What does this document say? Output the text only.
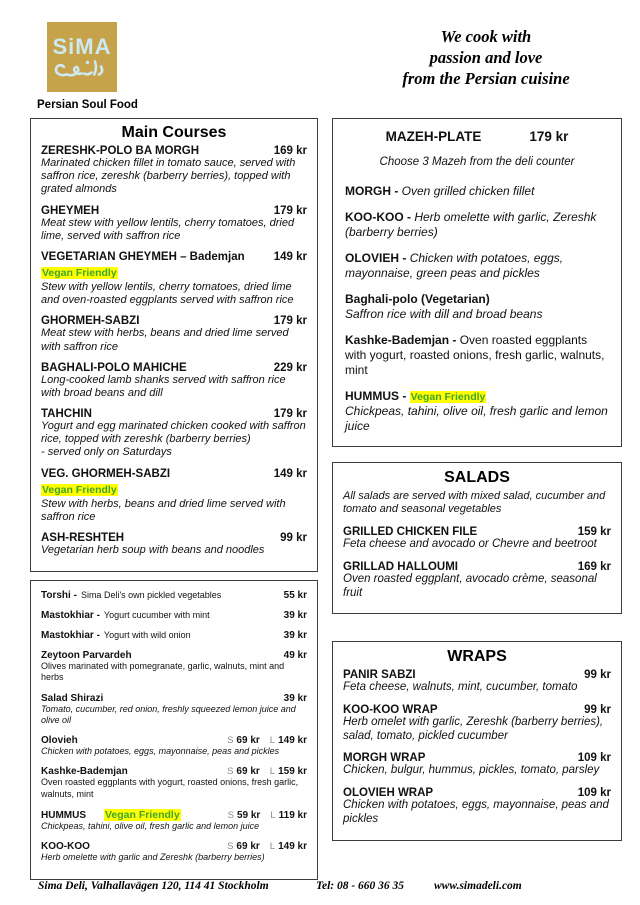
SiMA
Persian Soul Food
We cook with
passion and love
from the Persian cuisine
Main Courses
ZERESHK-POLO BA MORGH	169 kr
Marinated chicken fillet in tomato sauce, served with saffron rice, zereshk (barberry berries), topped with grated almonds
GHEYMEH	179 kr
Meat stew with yellow lentils, cherry tomatoes, dried lime, served with saffron rice
VEGETARIAN GHEYMEH – Bademjan	149 kr
Vegan Friendly
Stew with yellow lentils, cherry tomatoes, dried lime and oven-roasted eggplants served with saffron rice
GHORMEH-SABZI	179 kr
Meat stew with herbs, beans and dried lime served with saffron rice
BAGHALI-POLO MAHICHE	229 kr
Long-cooked lamb shanks served with saffron rice with broad beans and dill
TAHCHIN	179 kr
Yogurt and egg marinated chicken cooked with saffron rice, topped with zereshk (barberry berries)
- served only on Saturdays
VEG. GHORMEH-SABZI	149 kr
Vegan Friendly
Stew with herbs, beans and dried lime served with saffron rice
ASH-RESHTEH	99 kr
Vegetarian herb soup with beans and noodles
Torshi - Sima Deli's own pickled vegetables	55 kr
Mastokhiar - Yogurt cucumber with mint	39 kr
Mastokhiar - Yogurt with wild onion	39 kr
Zeytoon Parvardeh	49 kr
Olives marinated with pomegranate, garlic, walnuts, mint and herbs
Salad Shirazi	39 kr
Tomato, cucumber, red onion, freshly squeezed lemon juice and olive oil
Olovieh	S 69 kr L 149 kr
Chicken with potatoes, eggs, mayonnaise, peas and pickles
Kashke-Bademjan	S 69 kr L 159 kr
Oven roasted eggplants with yogurt, roasted onions, fresh garlic, walnuts, mint
HUMMUS Vegan Friendly	S 59 kr L 119 kr
Chickpeas, tahini, olive oil, fresh garlic and lemon juice
KOO-KOO	S 69 kr L 149 kr
Herb omelette with garlic and Zereshk (barberry berries)
MAZEH-PLATE	179 kr
Choose 3 Mazeh from the deli counter
MORGH - Oven grilled chicken fillet
KOO-KOO - Herb omelette with garlic, Zereshk (barberry berries)
OLOVIEH - Chicken with potatoes, eggs, mayonnaise, green peas and pickles
Baghali-polo (Vegetarian)
Saffron rice with dill and broad beans
Kashke-Bademjan - Oven roasted eggplants with yogurt, roasted onions, fresh garlic, walnuts, mint
HUMMUS - Vegan Friendly
Chickpeas, tahini, olive oil, fresh garlic and lemon juice
SALADS
All salads are served with mixed salad, cucumber and tomato and seasonal vegetables
GRILLED CHICKEN FILE	159 kr
Feta cheese and avocado or Chevre and beetroot
GRILLAD HALLOUMI	169 kr
Oven roasted eggplant, avocado crème, seasonal fruit
WRAPS
PANIR SABZI	99 kr
Feta cheese, walnuts, mint, cucumber, tomato
KOO-KOO WRAP	99 kr
Herb omelet with garlic, Zereshk (barberry berries), salad, tomato, pickled cucumber
MORGH WRAP	109 kr
Chicken, bulgur, hummus, pickles, tomato, parsley
OLOVIEH WRAP	109 kr
Chicken with potatoes, eggs, mayonnaise, peas and pickles
Sima Deli, Valhallavägen 120, 114 41 Stockholm	Tel: 08 - 660 36 35	www.simadeli.com
